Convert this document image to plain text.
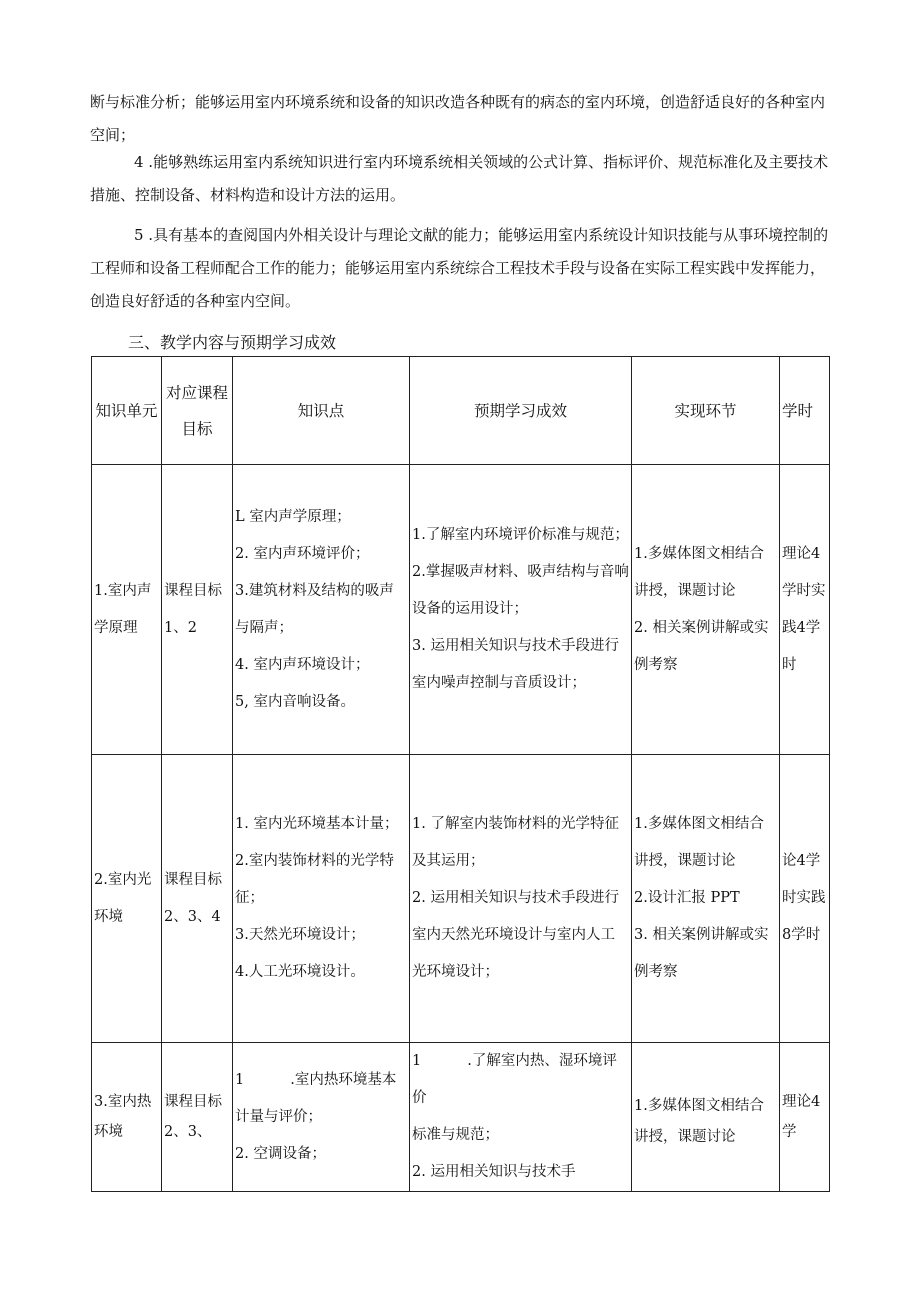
断与标准分析；能够运用室内环境系统和设备的知识改造各种既有的病态的室内环境，创造舒适良好的各种室内空间；

4 .能够熟练运用室内系统知识进行室内环境系统相关领域的公式计算、指标评价、规范标准化及主要技术措施、控制设备、材料构造和设计方法的运用。

5 .具有基本的查阅国内外相关设计与理论文献的能力；能够运用室内系统设计知识技能与从事环境控制的工程师和设备工程师配合工作的能力；能够运用室内系统综合工程技术手段与设备在实际工程实践中发挥能力，创造良好舒适的各种室内空间。

三、教学内容与预期学习成效

知识单元	对应课程目标	知识点	预期学习成效	实现环节	学时
1.室内声学原理	课程目标1、2	L 室内声学原理；
2. 室内声环境评价；
3.建筑材料及结构的吸声与隔声；
4. 室内声环境设计；
5, 室内音响设备。	1.了解室内环境评价标准与规范；
2.掌握吸声材料、吸声结构与音响设备的运用设计；
3. 运用相关知识与技术手段进行室内噪声控制与音质设计；	1.多媒体图文相结合讲授，课题讨论
2. 相关案例讲解或实例考察	理论4学时实践4学时
2.室内光环境	课程目标2、3、4	1. 室内光环境基本计量；
2.室内装饰材料的光学特征；
3.天然光环境设计；
4.人工光环境设计。	1. 了解室内装饰材料的光学特征及其运用；
2. 运用相关知识与技术手段进行室内天然光环境设计与室内人工光环境设计；	1.多媒体图文相结合讲授，课题讨论
2.设计汇报 PPT
3. 相关案例讲解或实例考察	论4学时实践8学时
3.室内热环境	课程目标2、3、	1 .室内热环境基本
计量与评价；
2. 空调设备；	1 .了解室内热、湿环境评价
标准与规范；
2. 运用相关知识与技术手	1.多媒体图文相结合讲授，课题讨论	理论4学
